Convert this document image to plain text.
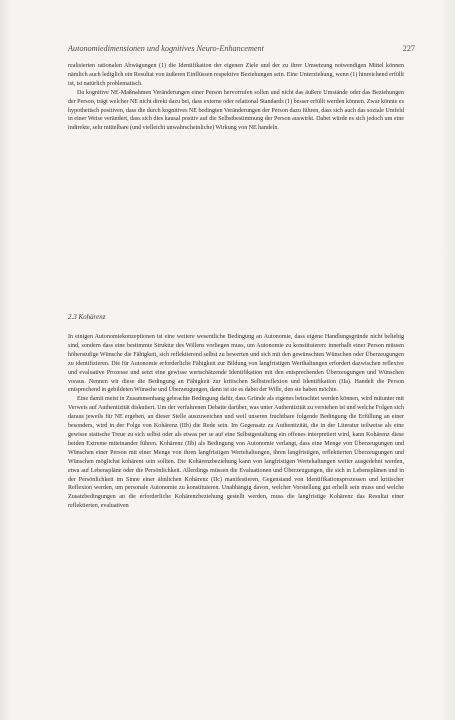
Autonomiedimensionen und kognitives Neuro-Enhancement	227

realisierten rationalen Abwägungen (1) die Identifikation der eigenen Ziele und der zu ihrer Umsetzung notwendigen Mittel können nämlich auch lediglich ein Resultat von äußeren Einflüssen respektive Beziehungen sein. Eine Unterziehung, wenn (1) hinreichend erfüllt ist, ist natürlich problematisch.

Da kognitive NE-Maßnahmen Veränderungen einer Person hervorrufen sollen und nicht das äußere Umstände oder das Beziehungen der Person, trägt welcher NE nicht direkt dazu bei, dass externe oder relational Standards (1) besser erfüllt werden können. Zwar könnte es hypothetisch positiven, dass die durch kognitives NE bedingten Veränderungen der Person dazu führen, dass sich auch das soziale Umfeld in einer Weise verändert, dass sich dies kausal positiv auf die Selbstbestimmung der Person auswirkt. Dabei würde es sich jedoch um eine indirekte, sehr mittelbare (und vielleicht unwahrscheinliche) Wirkung von NE handeln.

2.3 Kohärenz

In einigen Autonomiekonzeptionen ist eine weitere wesentliche Bedingung an Autonomie, dass eigene Handlungsgründe nicht beliebig sind, sondern dass eine bestimmte Struktur des Willens vorliegen muss, um Autonomie zu konstituieren: innerhalb einer Person müssen höherstufige Wünsche die Fähigkeit, sich reflektierend selbst zu bewerten und sich mit den gewünschten Wünschen oder Überzeugungen zu identifizieren. Die für Autonomie erforderliche Fähigkeit zur Bildung von langfristigen Werthaltungen erfordert dazwischen reflexive und evaluative Prozesse und setzt eine gewisse wertschätzende Identifikation mit den entsprechenden Überzeugungen und Wünschen voraus. Nennen wir diese die Bedingung an Fähigkeit zur kritischen Selbstreflexion und Identifikation (IIa). Handelt die Person entsprechend in gebildeten Wünsche und Überzeugungen, dann ist sie es dabei der Wille, den sie haben möchte.

Eine damit meist in Zusammenhang gebrachte Bedingung dafür, dass Gründe als eigenes betrachtet werden können, wird mitunter mit Verweis auf Authentizität diskutiert. Um der verfahrenen Debatte darüber, was unter Authentizität zu verstehen ist und welche Folgen sich daraus jeweils für NE ergeben, an dieser Stelle auszuweichen und weil unseren fruchtbare folgende Bedingung die Erfüllung an einer besonders, wird in der Folge von Kohärenz (IIb) die Rede sein. Im Gegensatz zu Authentizität, die in der Literatur teilweise als eine gewisse statische Treue zu sich selbst oder als etwas per se auf eine Selbstgestaltung ein offenes interpretiert wird, kann Kohärenz diese beiden Extreme miteinander führen. Kohärenz (IIb) als Bedingung von Autonomie verlangt, dass eine Menge von Überzeugungen und Wünschen einer Person mit einer Menge von ihren langfristigen Wertehaltungen, ihren langfristigen, reflektierten Überzeugungen und Wünschen möglichst kohärent sein sollten. Die Kohärenzbeziehung kann von langfristigen Wertehaltungen weiter ausgedehnt werden, etwa auf Lebenspläne oder die Persönlichkeit. Allerdings müssen die Evaluationen und Überzeugungen, die sich in Lebensplänen und in der Persönlichkeit im Sinne einer ähnlichen Kohärenz (IIc) manifestieren, Gegenstand von Identifikationsprozessen und kritischer Reflexion werden, um personale Autonomie zu konstituieren. Unabhängig davon, welcher Vorstellung gut erhellt sein muss und welche Zusatzbedingungen an die erforderliche Kohärenzbeziehung gestellt werden, muss die langfristige Kohärenz das Resultat einer reflektierten, evaluativen
